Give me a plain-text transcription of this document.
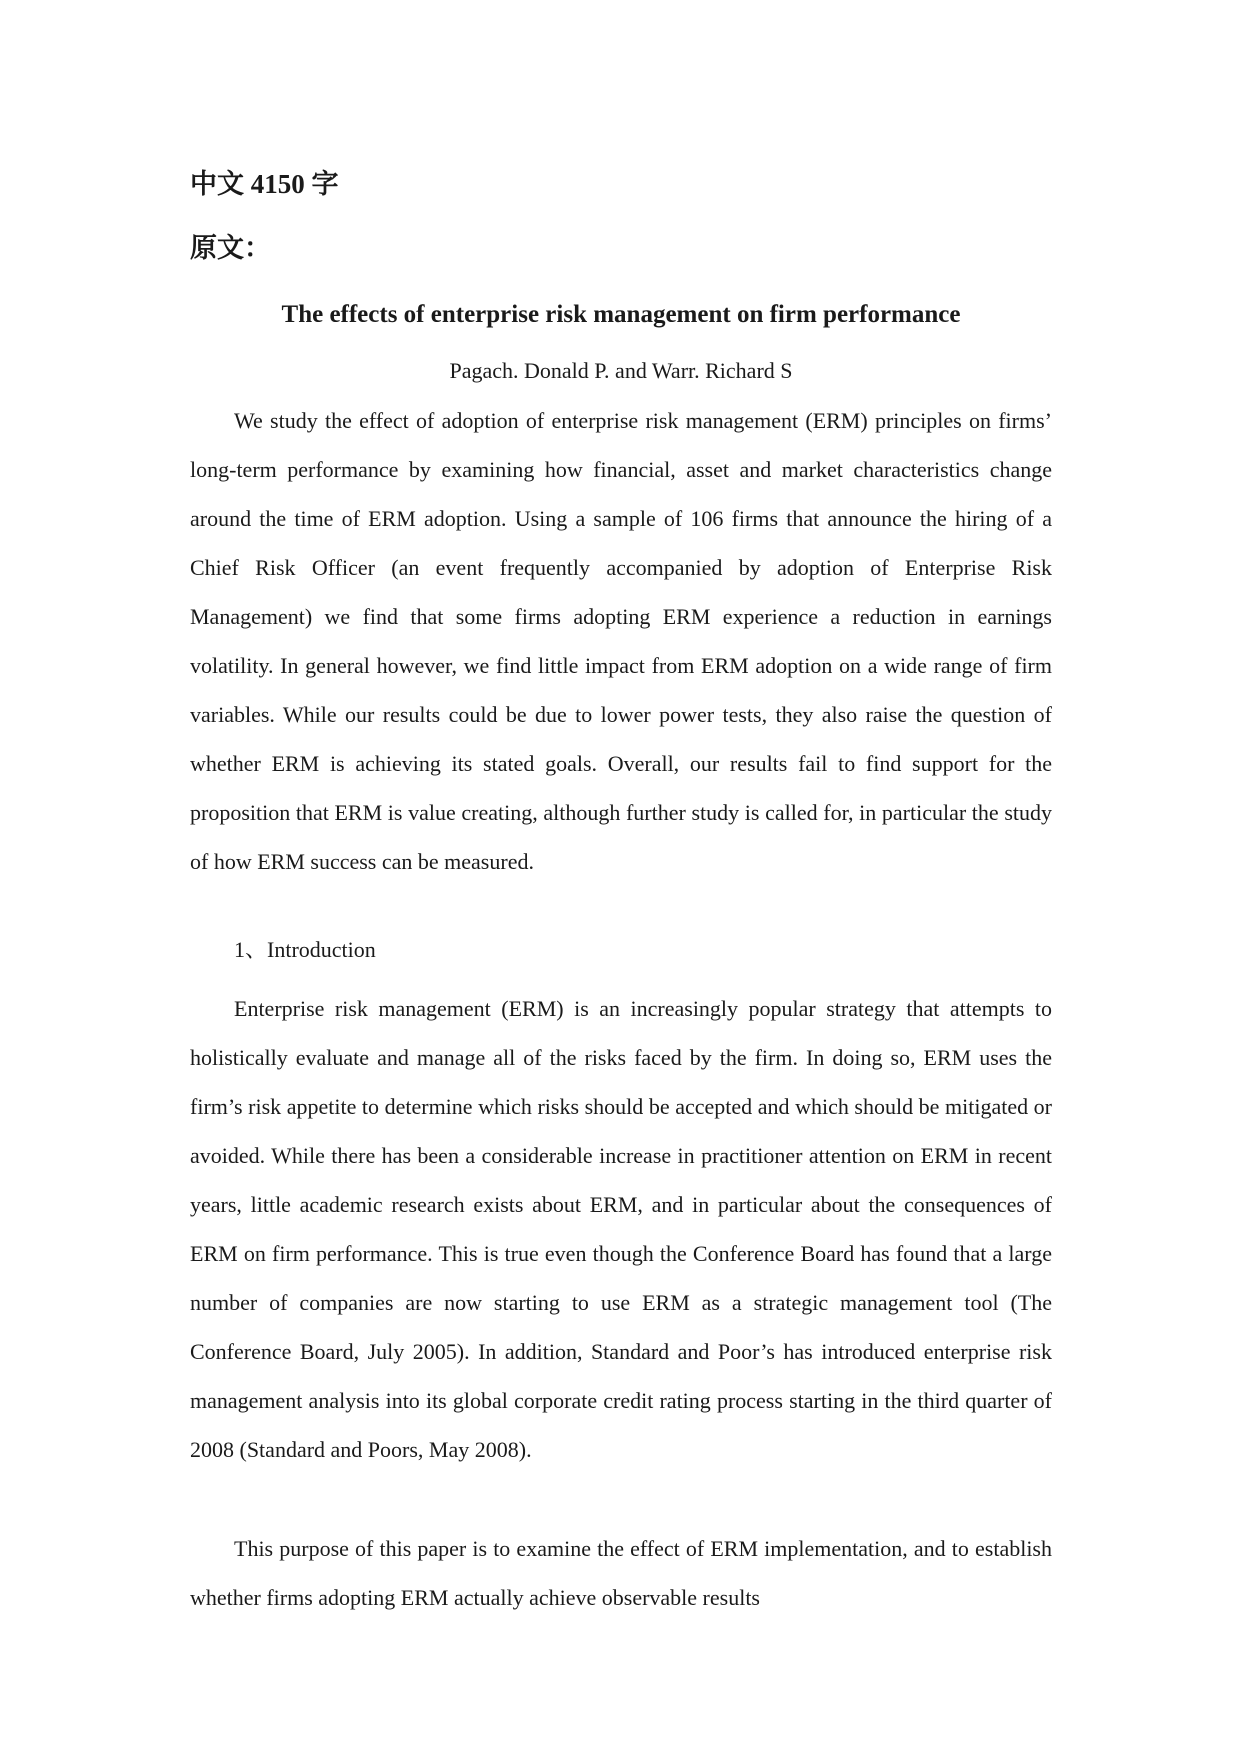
中文 4150 字
原文：
The effects of enterprise risk management on firm performance
Pagach. Donald P. and Warr. Richard S

We study the effect of adoption of enterprise risk management (ERM) principles on firms’ long-term performance by examining how financial, asset and market characteristics change around the time of ERM adoption. Using a sample of 106 firms that announce the hiring of a Chief Risk Officer (an event frequently accompanied by adoption of Enterprise Risk Management) we find that some firms adopting ERM experience a reduction in earnings volatility. In general however, we find little impact from ERM adoption on a wide range of firm variables. While our results could be due to lower power tests, they also raise the question of whether ERM is achieving its stated goals. Overall, our results fail to find support for the proposition that ERM is value creating, although further study is called for, in particular the study of how ERM success can be measured.

1、Introduction

Enterprise risk management (ERM) is an increasingly popular strategy that attempts to holistically evaluate and manage all of the risks faced by the firm. In doing so, ERM uses the firm’s risk appetite to determine which risks should be accepted and which should be mitigated or avoided. While there has been a considerable increase in practitioner attention on ERM in recent years, little academic research exists about ERM, and in particular about the consequences of ERM on firm performance. This is true even though the Conference Board has found that a large number of companies are now starting to use ERM as a strategic management tool (The Conference Board, July 2005). In addition, Standard and Poor’s has introduced enterprise risk management analysis into its global corporate credit rating process starting in the third quarter of 2008 (Standard and Poors, May 2008).

This purpose of this paper is to examine the effect of ERM implementation, and to establish whether firms adopting ERM actually achieve observable results
